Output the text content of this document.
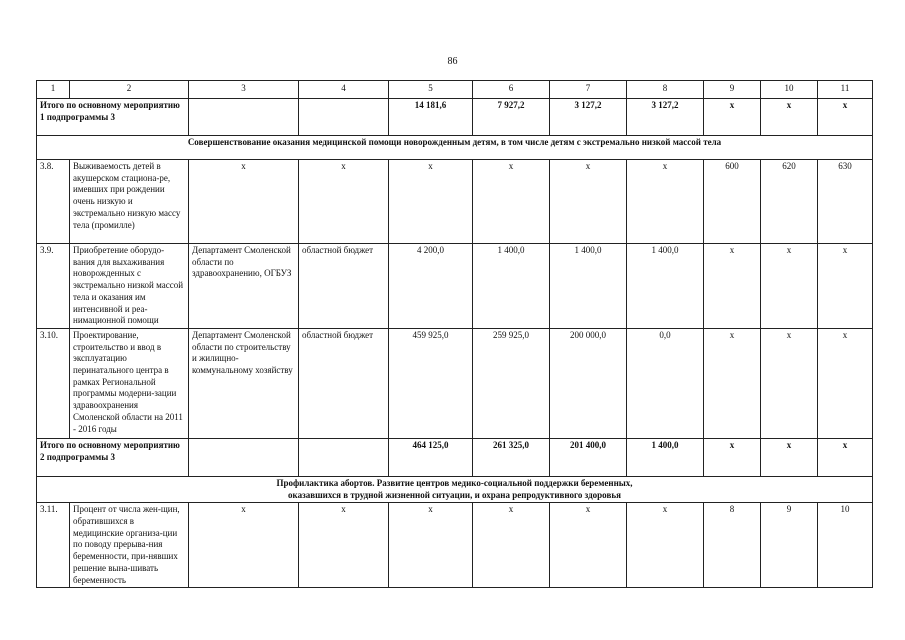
86
1	2	3	4	5	6	7	8	9	10	11
Итого по основному мероприятию 1 подпрограммы 3				14 181,6	7 927,2	3 127,2	3 127,2	х	х	х
Совершенствование оказания медицинской помощи новорожденным детям, в том числе детям с экстремально низкой массой тела										
3.8.	Выживаемость детей в акушерском стациона-ре, имевших при рождении очень низкую и экстремально низкую массу тела (промилле)	х	х	х	х	х	х	600	620	630
3.9.	Приобретение оборудо-вания для выхаживания новорожденных с экстремально низкой массой тела и оказания им интенсивной и реа-нимационной помощи	Департамент Смоленской области по здравоохранению, ОГБУЗ	областной бюджет	4 200,0	1 400,0	1 400,0	1 400,0	х	х	х
3.10.	Проектирование, строительство и ввод в эксплуатацию перинатального центра в рамках Региональной программы модерни-зации здравоохранения Смоленской области на 2011 - 2016 годы	Департамент Смоленской области по строительству и жилищно-коммунальному хозяйству	областной бюджет	459 925,0	259 925,0	200 000,0	0,0	х	х	х
Итого по основному мероприятию 2 подпрограммы 3				464 125,0	261 325,0	201 400,0	1 400,0	х	х	х

Профилактика абортов. Развитие центров медико-социальной поддержки беременных,
оказавшихся в трудной жизненной ситуации, и охрана репродуктивного здоровья										

3.11.	Процент от числа жен-щин, обратившихся в медицинские организа-ции по поводу прерыва-ния беременности, при-нявших решение вына-шивать беременность	х	х	х	х	х	х	8	9	10
